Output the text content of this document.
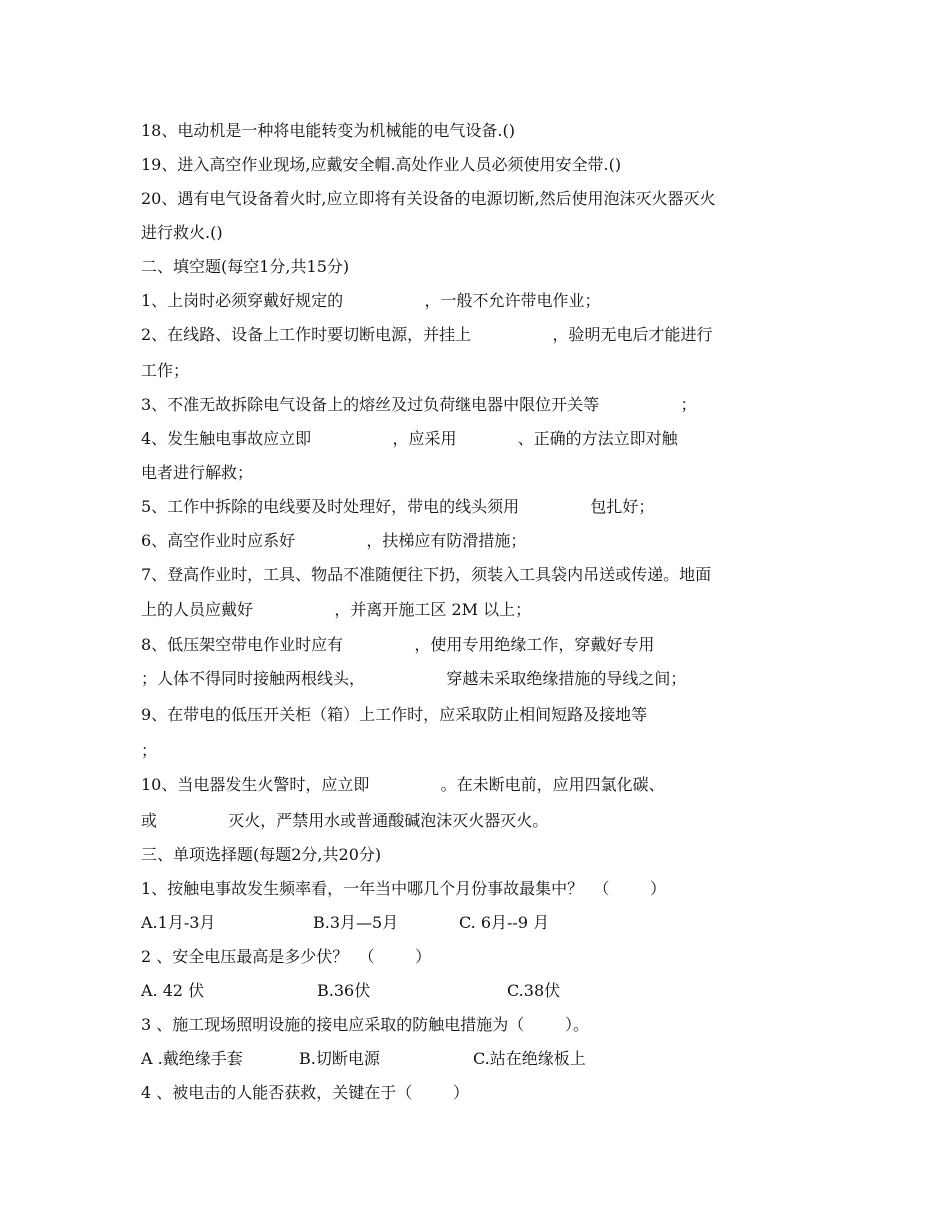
18、电动机是一种将电能转变为机械能的电气设备.()
19、进入高空作业现场,应戴安全帽.高处作业人员必须使用安全带.()
20、遇有电气设备着火时,应立即将有关设备的电源切断,然后使用泡沫灭火器灭火
进行救火.()
二、填空题(每空1分,共15分)
1、上岗时必须穿戴好规定的                ，一般不允许带电作业；
2、在线路、设备上工作时要切断电源，并挂上                ，验明无电后才能进行
工作；
3、不准无故拆除电气设备上的熔丝及过负荷继电器中限位开关等                ；
4、发生触电事故应立即                ，应采用            、正确的方法立即对触
电者进行解救；
5、工作中拆除的电线要及时处理好，带电的线头须用              包扎好；
6、高空作业时应系好              ，扶梯应有防滑措施；
7、登高作业时，工具、物品不准随便往下扔，须装入工具袋内吊送或传递。地面
上的人员应戴好                ，并离开施工区 2M 以上；
8、低压架空带电作业时应有              ，使用专用绝缘工作，穿戴好专用
；人体不得同时接触两根线头，                穿越未采取绝缘措施的导线之间；
9、在带电的低压开关柜（箱）上工作时，应采取防止相间短路及接地等
；
10、当电器发生火警时，应立即              。在未断电前，应用四氯化碳、
或              灭火，严禁用水或普通酸碱泡沫灭火器灭火。
三、单项选择题(每题2分,共20分)
1、按触电事故发生频率看，一年当中哪几个月份事故最集中？  （        ）

A.1月-3月

	B.3月—5月

	C. 6月--9 月

2 、安全电压最高是多少伏？  （        ）

A. 42 伏

	B.36伏

	C.38伏

3 、施工现场照明设施的接电应采取的防触电措施为（        ）。

A .戴绝缘手套

	B.切断电源

	C.站在绝缘板上

4 、被电击的人能否获救，关键在于（        ）
